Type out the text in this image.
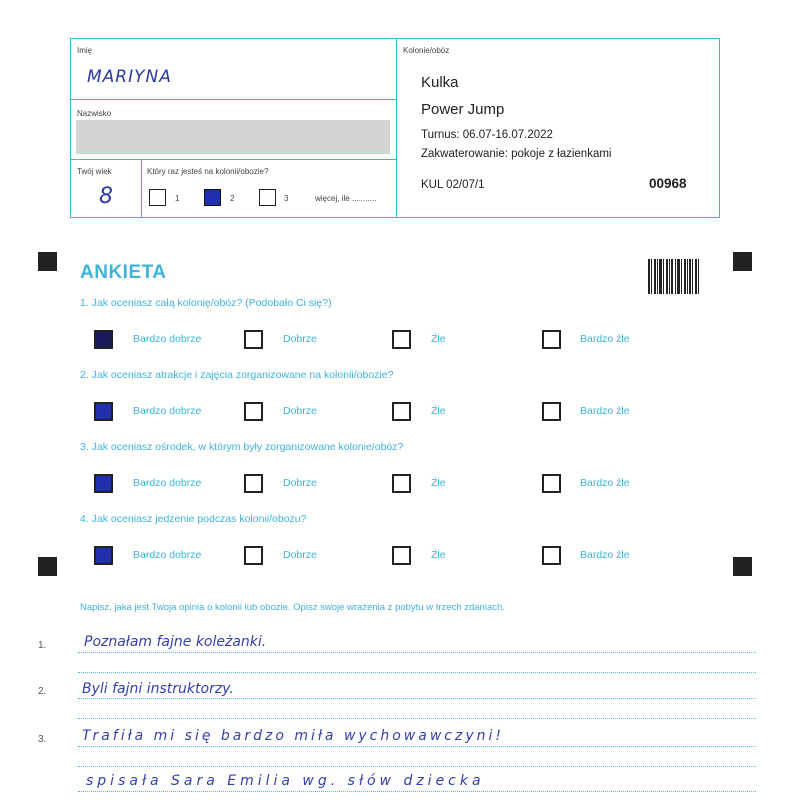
Imię
MARIYNA
Nazwisko
Twój wiek
8
Który raz jesteś na kolonii/obozie?
1	2	3	więcej, ile ...........
Kolonie/obóz
Kulka
Power Jump
Turnus: 06.07-16.07.2022
Zakwaterowanie: pokoje z łazienkami
KUL 02/07/1	00968
ANKIETA
1. Jak oceniasz całą kolonię/obóz? (Podobało Ci się?)
Bardzo dobrze	Dobrze	Źle	Bardzo źle
2. Jak oceniasz atrakcje i zajęcia zorganizowane na kolonii/obozie?
Bardzo dobrze	Dobrze	Źle	Bardzo źle
3. Jak oceniasz ośrodek, w którym były zorganizowane kolonie/obóz?
Bardzo dobrze	Dobrze	Źle	Bardzo źle
4. Jak oceniasz jedzenie podczas kolonii/obozu?
Bardzo dobrze	Dobrze	Źle	Bardzo źle
Napisz, jaka jest Twoja opinia o kolonii lub obozie. Opisz swoje wrażenia z pobytu w trzech zdaniach.
1.	Poznałam fajne koleżanki.
2.	Byli fajni instruktorzy.
3.	Trafiła mi się bardzo miła wychowawczyni!
spisała Sara Emilia wg. słów dziecka
